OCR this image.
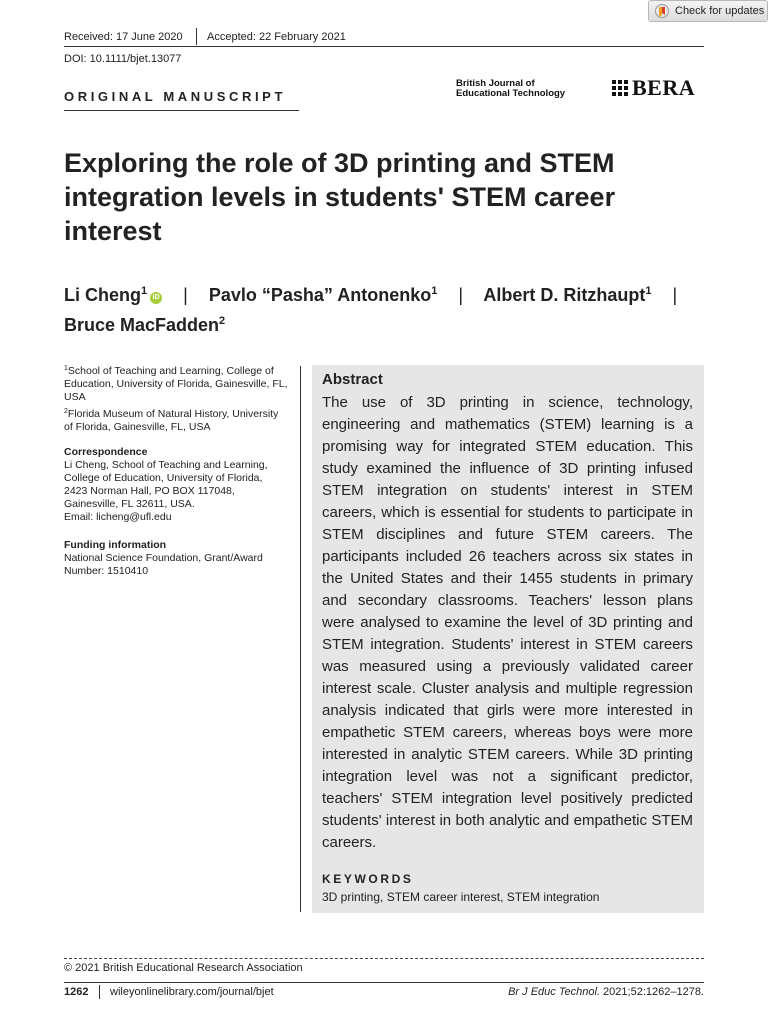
Check for updates
Received: 17 June 2020 Accepted: 22 February 2021
DOI: 10.1111/bjet.13077
ORIGINAL MANUSCRIPT
British Journal of
Educational Technology	BERA
Exploring the role of 3D printing and STEM integration levels in students' STEM career interest
Li Cheng$^1$iD | Pavlo “Pasha” Antonenko$^1$ | Albert D. Ritzhaupt$^1$ |
Bruce MacFadden$^2$
$^1$School of Teaching and Learning, College of Education, University of Florida, Gainesville, FL, USA
$^2$Florida Museum of Natural History, University of Florida, Gainesville, FL, USA
Correspondence
Li Cheng, School of Teaching and Learning,
College of Education, University of Florida,
2423 Norman Hall, PO BOX 117048,
Gainesville, FL 32611, USA.
Email: licheng@ufl.edu
Funding information
National Science Foundation, Grant/Award
Number: 1510410
Abstract
The use of 3D printing in science, technology, engineering and mathematics (STEM) learning is a promising way for integrated STEM education. This study examined the influence of 3D printing infused STEM integration on students' interest in STEM careers, which is essential for students to participate in STEM disciplines and future STEM careers. The participants included 26 teachers across six states in the United States and their 1455 students in primary and secondary classrooms. Teachers' lesson plans were analysed to examine the level of 3D printing and STEM integration. Students' interest in STEM careers was measured using a previously validated career interest scale. Cluster analysis and multiple regression analysis indicated that girls were more interested in empathetic STEM careers, whereas boys were more interested in analytic STEM careers. While 3D printing integration level was not a significant predictor, teachers' STEM integration level positively predicted students' interest in both analytic and empathetic STEM careers.
KEYWORDS
3D printing, STEM career interest, STEM integration
© 2021 British Educational Research Association
1262 wileyonlinelibrary.com/journal/bjet	Br J Educ Technol. 2021;52:1262–1278.
